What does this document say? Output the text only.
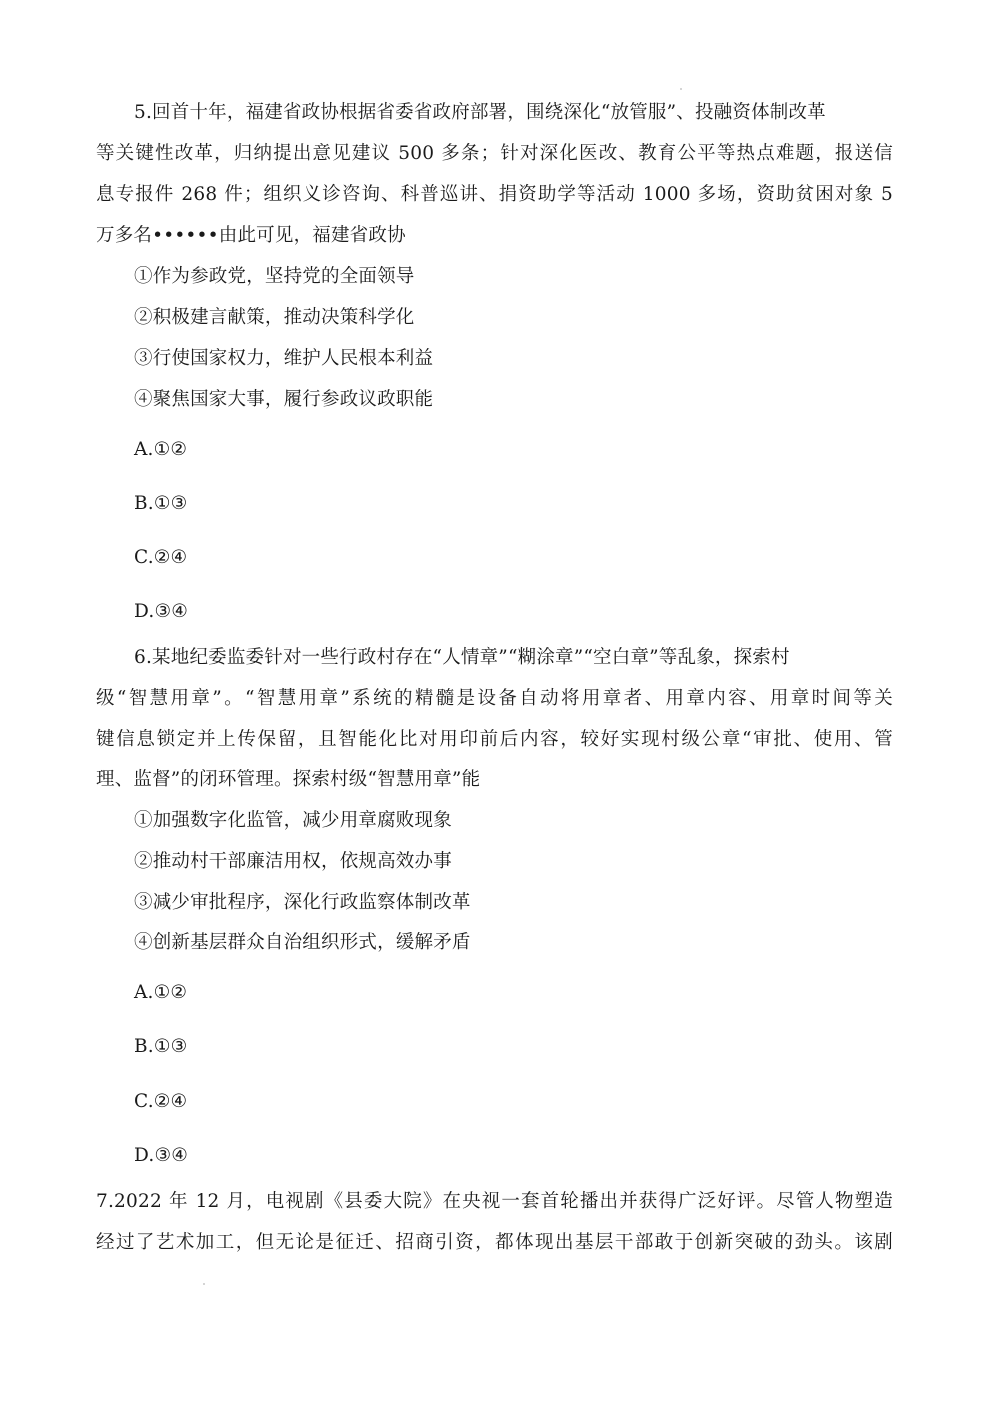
5.回首十年，福建省政协根据省委省政府部署，围绕深化“放管服”、投融资体制改革
等关键性改革，归纳提出意见建议 500 多条；针对深化医改、教育公平等热点难题，报送信
息专报件 268 件；组织义诊咨询、科普巡讲、捐资助学等活动 1000 多场，资助贫困对象 5
万多名••••••由此可见，福建省政协
①作为参政党，坚持党的全面领导
②积极建言献策，推动决策科学化
③行使国家权力，维护人民根本利益
④聚焦国家大事，履行参政议政职能
A.①②
B.①③
C.②④
D.③④
6.某地纪委监委针对一些行政村存在“人情章”“糊涂章”“空白章”等乱象，探索村
级“智慧用章”。“智慧用章”系统的精髓是设备自动将用章者、用章内容、用章时间等关
键信息锁定并上传保留，且智能化比对用印前后内容，较好实现村级公章“审批、使用、管
理、监督”的闭环管理。探索村级“智慧用章”能
①加强数字化监管，减少用章腐败现象
②推动村干部廉洁用权，依规高效办事
③减少审批程序，深化行政监察体制改革
④创新基层群众自治组织形式，缓解矛盾
A.①②
B.①③
C.②④
D.③④
7.2022 年 12 月，电视剧《县委大院》在央视一套首轮播出并获得广泛好评。尽管人物塑造
经过了艺术加工，但无论是征迁、招商引资，都体现出基层干部敢于创新突破的劲头。该剧
